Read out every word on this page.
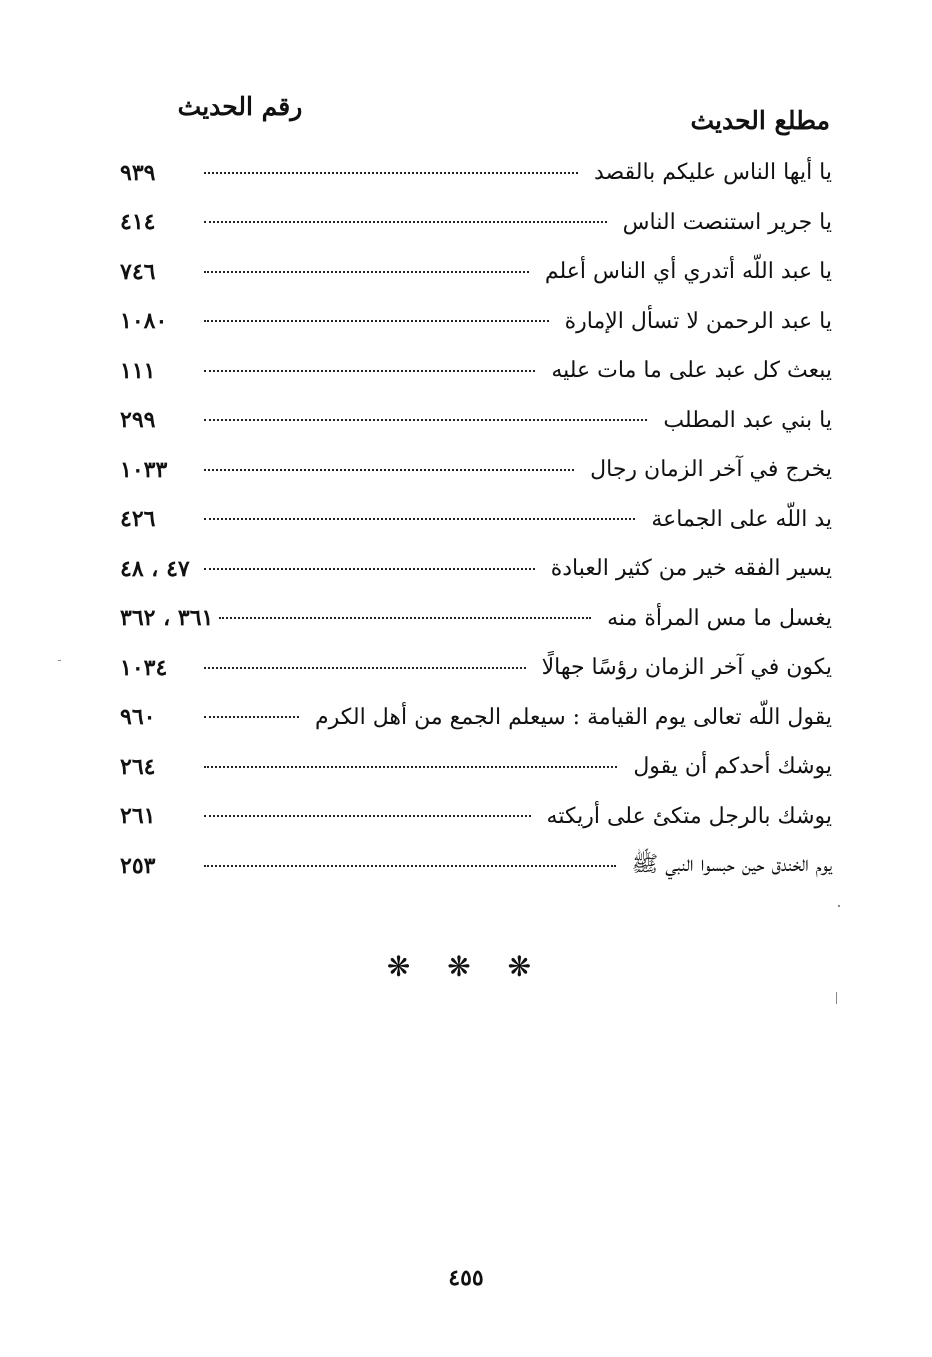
مطلع الحديث
رقم الحديث
يا أيها الناس عليكم بالقصد
٩٣٩
يا جرير استنصت الناس
٤١٤
يا عبد اللّه أتدري أي الناس أعلم
٧٤٦
يا عبد الرحمن لا تسأل الإمارة
١٠٨٠
يبعث كل عبد على ما مات عليه
١١١
يا بني عبد المطلب
٢٩٩
يخرج في آخر الزمان رجال
١٠٣٣
يد اللّه على الجماعة
٤٢٦
يسير الفقه خير من كثير العبادة
٤٧ ، ٤٨
يغسل ما مس المرأة منه
٣٦١ ، ٣٦٢
يكون في آخر الزمان رؤسًا جهالًا
١٠٣٤
يقول اللّه تعالى يوم القيامة : سيعلم الجمع من أهل الكرم
٩٦٠
يوشك أحدكم أن يقول
٢٦٤
يوشك بالرجل متكئ على أريكته
٢٦١
يوم الخندق حين حبسوا النبي ﷺ
٢٥٣
❋ ❋ ❋
٤٥٥
